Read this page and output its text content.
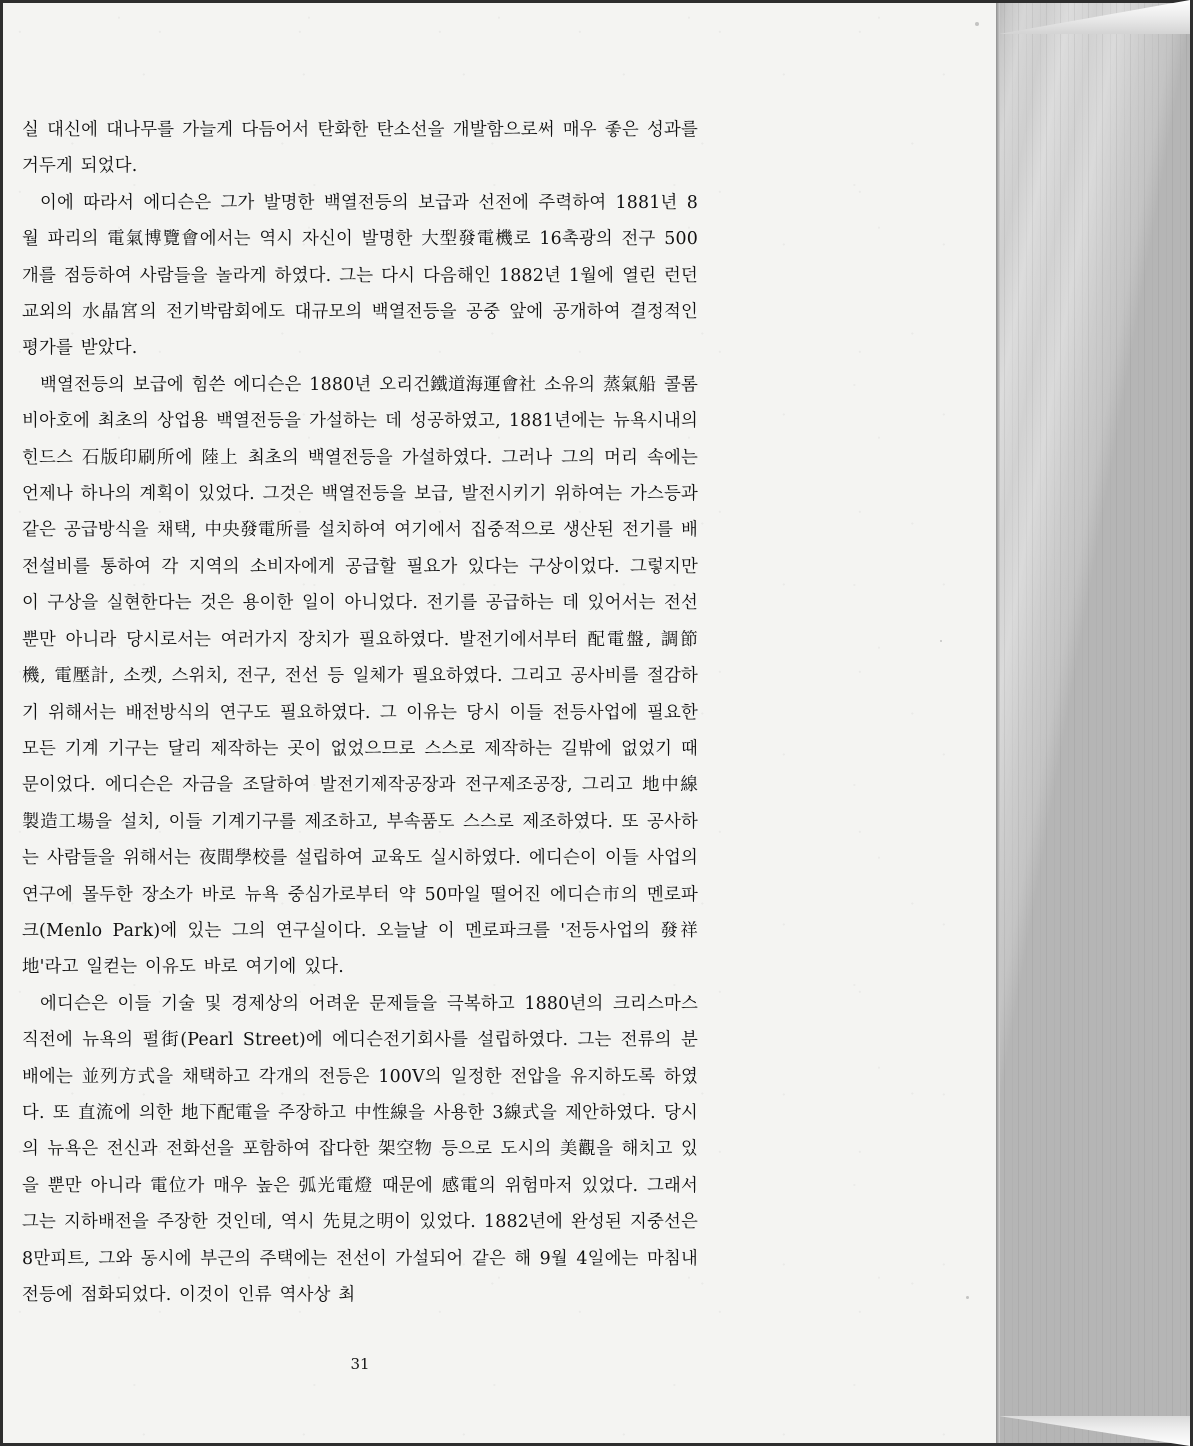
실 대신에 대나무를 가늘게 다듬어서 탄화한 탄소선을 개발함으로써 매우 좋은 성과를 거두게 되었다.

이에 따라서 에디슨은 그가 발명한 백열전등의 보급과 선전에 주력하여 1881년 8월 파리의 電氣博覽會에서는 역시 자신이 발명한 大型發電機로 16촉광의 전구 500 개를 점등하여 사람들을 놀라게 하였다. 그는 다시 다음해인 1882년 1월에 열린 런던 교외의 水晶宮의 전기박람회에도 대규모의 백열전등을 공중 앞에 공개하여 결정적인 평가를 받았다.

백열전등의 보급에 힘쓴 에디슨은 1880년 오리건鐵道海運會社 소유의 蒸氣船 콜롬비아호에 최초의 상업용 백열전등을 가설하는 데 성공하였고, 1881년에는 뉴욕시내의 힌드스 石版印刷所에 陸上 최초의 백열전등을 가설하였다. 그러나 그의 머리 속에는 언제나 하나의 계획이 있었다. 그것은 백열전등을 보급, 발전시키기 위하여는 가스등과 같은 공급방식을 채택, 中央發電所를 설치하여 여기에서 집중적으로 생산된 전기를 배전설비를 통하여 각 지역의 소비자에게 공급할 필요가 있다는 구상이었다. 그렇지만 이 구상을 실현한다는 것은 용이한 일이 아니었다. 전기를 공급하는 데 있어서는 전선 뿐만 아니라 당시로서는 여러가지 장치가 필요하였다. 발전기에서부터 配電盤, 調節機, 電壓計, 소켓, 스위치, 전구, 전선 등 일체가 필요하였다. 그리고 공사비를 절감하기 위해서는 배전방식의 연구도 필요하였다. 그 이유는 당시 이들 전등사업에 필요한 모든 기계 기구는 달리 제작하는 곳이 없었으므로 스스로 제작하는 길밖에 없었기 때문이었다. 에디슨은 자금을 조달하여 발전기제작공장과 전구제조공장, 그리고 地中線製造工場을 설치, 이들 기계기구를 제조하고, 부속품도 스스로 제조하였다. 또 공사하는 사람들을 위해서는 夜間學校를 설립하여 교육도 실시하였다. 에디슨이 이들 사업의 연구에 몰두한 장소가 바로 뉴욕 중심가로부터 약 50마일 떨어진 에디슨市의 멘로파크(Menlo Park)에 있는 그의 연구실이다. 오늘날 이 멘로파크를 '전등사업의 發祥地'라고 일컫는 이유도 바로 여기에 있다.

에디슨은 이들 기술 및 경제상의 어려운 문제들을 극복하고 1880년의 크리스마스 직전에 뉴욕의 펄街(Pearl Street)에 에디슨전기회사를 설립하였다. 그는 전류의 분배에는 並列方式을 채택하고 각개의 전등은 100V의 일정한 전압을 유지하도록 하였다. 또 直流에 의한 地下配電을 주장하고 中性線을 사용한 3線式을 제안하였다. 당시의 뉴욕은 전신과 전화선을 포함하여 잡다한 架空物 등으로 도시의 美觀을 해치고 있을 뿐만 아니라 電位가 매우 높은 弧光電燈 때문에 感電의 위험마저 있었다. 그래서 그는 지하배전을 주장한 것인데, 역시 先見之明이 있었다. 1882년에 완성된 지중선은 8만피트, 그와 동시에 부근의 주택에는 전선이 가설되어 같은 해 9월 4일에는 마침내 전등에 점화되었다. 이것이 인류 역사상 최

31
